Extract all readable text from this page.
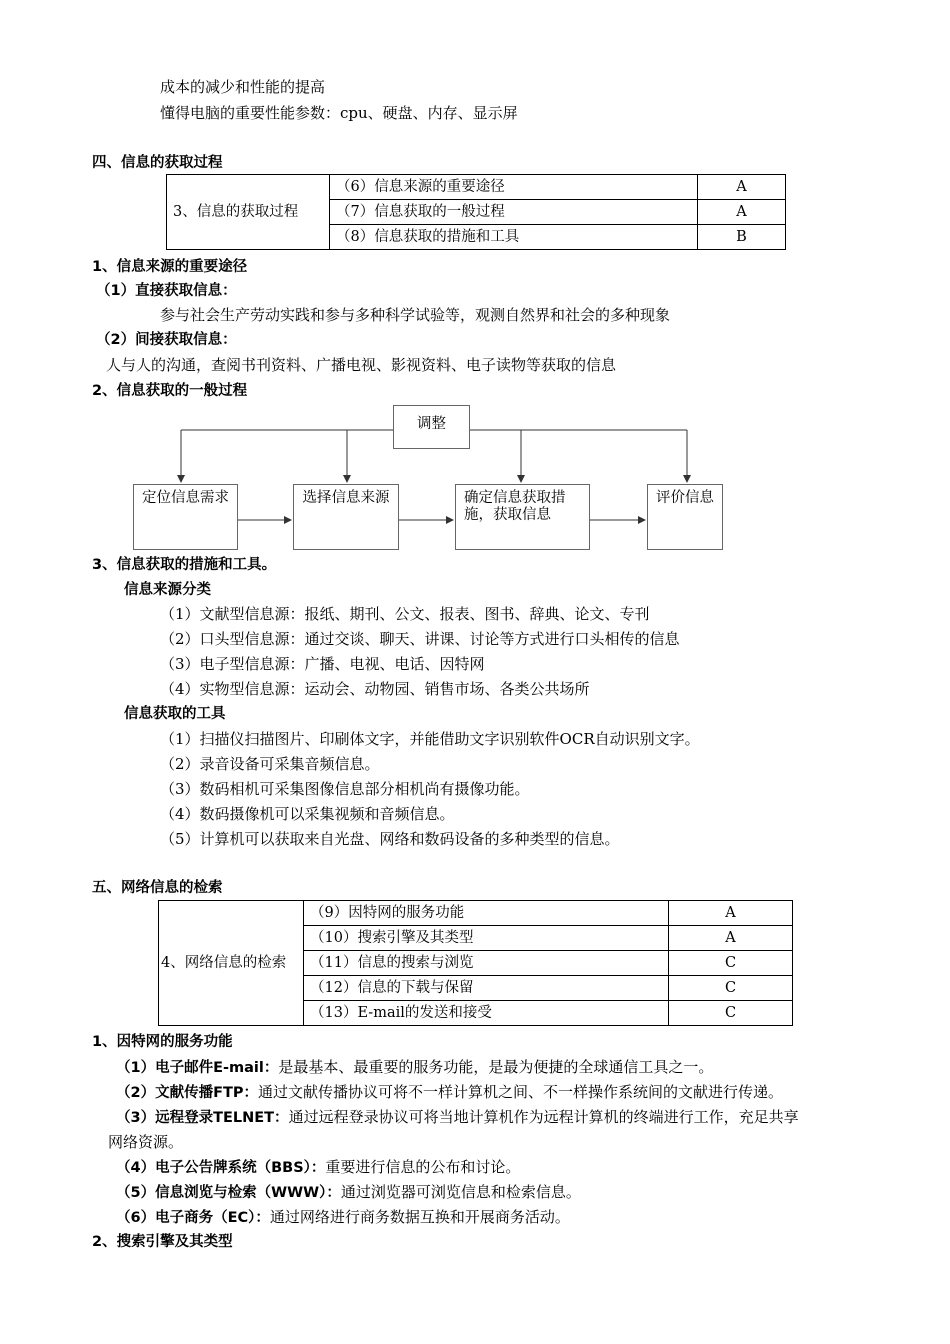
成本的减少和性能的提高
懂得电脑的重要性能参数：cpu、硬盘、内存、显示屏
四、信息的获取过程
3、信息的获取过程	（6）信息来源的重要途径	A
	（7）信息获取的一般过程	A
	（8）信息获取的措施和工具	B
1、信息来源的重要途径
（1）直接获取信息：
参与社会生产劳动实践和参与多种科学试验等，观测自然界和社会的多种现象
（2）间接获取信息：
人与人的沟通，查阅书刊资料、广播电视、影视资料、电子读物等获取的信息
2、信息获取的一般过程
调整
定位信息需求	选择信息来源	确定信息获取措施，获取信息
评价信息
3、信息获取的措施和工具。
信息来源分类
（1）文献型信息源：报纸、期刊、公文、报表、图书、辞典、论文、专刊
（2）口头型信息源：通过交谈、聊天、讲课、讨论等方式进行口头相传的信息
（3）电子型信息源：广播、电视、电话、因特网
（4）实物型信息源：运动会、动物园、销售市场、各类公共场所
信息获取的工具
（1）扫描仪扫描图片、印刷体文字，并能借助文字识别软件OCR自动识别文字。
（2）录音设备可采集音频信息。
（3）数码相机可采集图像信息部分相机尚有摄像功能。
（4）数码摄像机可以采集视频和音频信息。
（5）计算机可以获取来自光盘、网络和数码设备的多种类型的信息。
五、网络信息的检索
4、网络信息的检索	（9）因特网的服务功能	A
	（10）搜索引擎及其类型	A
	（11）信息的搜索与浏览	C
	（12）信息的下载与保留	C
	（13）E-mail的发送和接受	C
1、因特网的服务功能
（1）电子邮件E-mail：是最基本、最重要的服务功能，是最为便捷的全球通信工具之一。
（2）文献传播FTP：通过文献传播协议可将不一样计算机之间、不一样操作系统间的文献进行传递。
（3）远程登录TELNET：通过远程登录协议可将当地计算机作为远程计算机的终端进行工作，充足共享
网络资源。
（4）电子公告牌系统（BBS）：重要进行信息的公布和讨论。
（5）信息浏览与检索（WWW）：通过浏览器可浏览信息和检索信息。
（6）电子商务（EC）：通过网络进行商务数据互换和开展商务活动。
2、搜索引擎及其类型
